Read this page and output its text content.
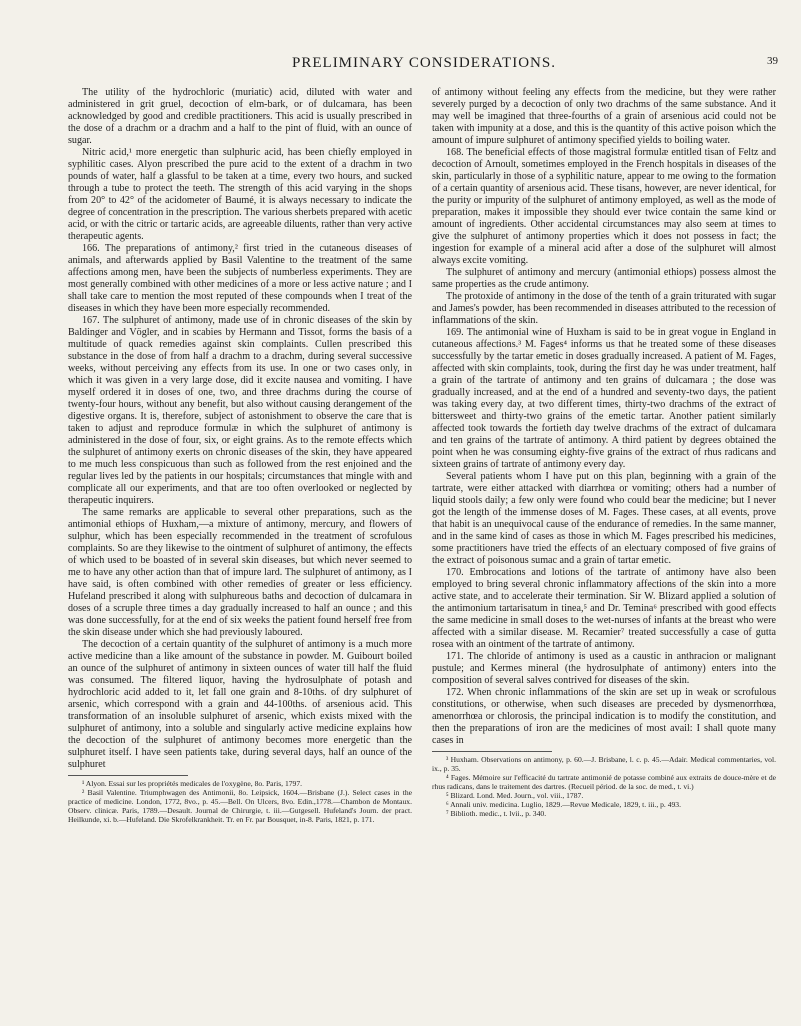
PRELIMINARY CONSIDERATIONS.	39

The utility of the hydrochloric (muriatic) acid, diluted with water and administered in grit gruel, decoction of elm-bark, or of dulcamara, has been acknowledged by good and credible practitioners. This acid is usually prescribed in the dose of a drachm or a drachm and a half to the pint of fluid, with an ounce of sugar.

Nitric acid,¹ more energetic than sulphuric acid, has been chiefly employed in syphilitic cases. Alyon prescribed the pure acid to the extent of a drachm in two pounds of water, half a glassful to be taken at a time, every two hours, and sucked through a tube to protect the teeth. The strength of this acid varying in the shops from 20° to 42° of the acidometer of Baumé, it is always necessary to indicate the degree of concentration in the prescription. The various sherbets prepared with acetic acid, or with the citric or tartaric acids, are agreeable diluents, rather than very active therapeutic agents.

166. The preparations of antimony,² first tried in the cutaneous diseases of animals, and afterwards applied by Basil Valentine to the treatment of the same affections among men, have been the subjects of numberless experiments. They are most generally combined with other medicines of a more or less active nature ; and I shall take care to mention the most reputed of these compounds when I treat of the diseases in which they have been more especially recommended.

167. The sulphuret of antimony, made use of in chronic diseases of the skin by Baldinger and Vögler, and in scabies by Hermann and Tissot, forms the basis of a multitude of quack remedies against skin complaints. Cullen prescribed this substance in the dose of from half a drachm to a drachm, during several successive weeks, without perceiving any effects from its use. In one or two cases only, in which it was given in a very large dose, did it excite nausea and vomiting. I have myself ordered it in doses of one, two, and three drachms during the course of twenty-four hours, without any benefit, but also without causing derangement of the digestive organs. It is, therefore, subject of astonishment to observe the care that is taken to adjust and reproduce formulæ in which the sulphuret of antimony is administered in the dose of four, six, or eight grains. As to the remote effects which the sulphuret of antimony exerts on chronic diseases of the skin, they have appeared to me much less conspicuous than such as followed from the rest enjoined and the regular lives led by the patients in our hospitals; circumstances that mingle with and complicate all our experiments, and that are too often overlooked or neglected by therapeutic inquirers.

The same remarks are applicable to several other preparations, such as the antimonial ethiops of Huxham,—a mixture of antimony, mercury, and flowers of sulphur, which has been especially recommended in the treatment of scrofulous complaints. So are they likewise to the ointment of sulphuret of antimony, the effects of which used to be boasted of in several skin diseases, but which never seemed to me to have any other action than that of impure lard. The sulphuret of antimony, as I have said, is often combined with other remedies of greater or less efficiency. Hufeland prescribed it along with sulphureous baths and decoction of dulcamara in doses of a scruple three times a day gradually increased to half an ounce ; and this was done successfully, for at the end of six weeks the patient found herself free from the skin disease under which she had previously laboured.

The decoction of a certain quantity of the sulphuret of antimony is a much more active medicine than a like amount of the substance in powder. M. Guibourt boiled an ounce of the sulphuret of antimony in sixteen ounces of water till half the fluid was consumed. The filtered liquor, having the hydrosulphate of potash and hydrochloric acid added to it, let fall one grain and 8-10ths. of dry sulphuret of arsenic, which correspond with a grain and 44-100ths. of arsenious acid. This transformation of an insoluble sulphuret of arsenic, which exists mixed with the sulphuret of antimony, into a soluble and singularly active medicine explains how the decoction of the sulphuret of antimony becomes more energetic than the sulphuret itself. I have seen patients take, during several days, half an ounce of the sulphuret

¹ Alyon. Essai sur les propriétés medicales de l'oxygène, 8o. Paris, 1797.

² Basil Valentine. Triumphwagen des Antimonii, 8o. Leipsick, 1604.—Brisbane (J.). Select cases in the practice of medicine. London, 1772, 8vo., p. 45.—Bell. On Ulcers, 8vo. Edin.,1778.—Chambon de Montaux. Observ. clinicæ. Paris, 1789.—Desault. Journal de Chirurgie, t. iii.—Gutgesell. Hufeland's Journ. der pract. Heilkunde, xi. b.—Hufeland. Die Skrofelkrankheit. Tr. en Fr. par Bousquet, in-8. Paris, 1821, p. 171.

of antimony without feeling any effects from the medicine, but they were rather severely purged by a decoction of only two drachms of the same substance. And it may well be imagined that three-fourths of a grain of arsenious acid could not be taken with impunity at a dose, and this is the quantity of this active poison which the amount of impure sulphuret of antimony specified yields to boiling water.

168. The beneficial effects of those magistral formulæ entitled tisan of Feltz and decoction of Arnoult, sometimes employed in the French hospitals in diseases of the skin, particularly in those of a syphilitic nature, appear to me owing to the formation of a certain quantity of arsenious acid. These tisans, however, are never identical, for the purity or impurity of the sulphuret of antimony employed, as well as the mode of preparation, makes it impossible they should ever twice contain the same kind or amount of ingredients. Other accidental circumstances may also seem at times to give the sulphuret of antimony properties which it does not possess in fact; the ingestion for example of a mineral acid after a dose of the sulphuret will almost always excite vomiting.

The sulphuret of antimony and mercury (antimonial ethiops) possess almost the same properties as the crude antimony.

The protoxide of antimony in the dose of the tenth of a grain triturated with sugar and James's powder, has been recommended in diseases attributed to the recession of inflammations of the skin.

169. The antimonial wine of Huxham is said to be in great vogue in England in cutaneous affections.³ M. Fages⁴ informs us that he treated some of these diseases successfully by the tartar emetic in doses gradually increased. A patient of M. Fages, affected with skin complaints, took, during the first day he was under treatment, half a grain of the tartrate of antimony and ten grains of dulcamara ; the dose was gradually increased, and at the end of a hundred and seventy-two days, the patient was taking every day, at two different times, thirty-two drachms of the extract of bittersweet and thirty-two grains of the emetic tartar. Another patient similarly affected took towards the fortieth day twelve drachms of the extract of dulcamara and ten grains of the tartrate of antimony. A third patient by degrees obtained the point when he was consuming eighty-five grains of the extract of rhus radicans and sixteen grains of tartrate of antimony every day.

Several patients whom I have put on this plan, beginning with a grain of the tartrate, were either attacked with diarrhœa or vomiting; others had a number of liquid stools daily; a few only were found who could bear the medicine; but I never got the length of the immense doses of M. Fages. These cases, at all events, prove that habit is an unequivocal cause of the endurance of remedies. In the same manner, and in the same kind of cases as those in which M. Fages prescribed his medicines, some practitioners have tried the effects of an electuary composed of five grains of the extract of poisonous sumac and a grain of tartar emetic.

170. Embrocations and lotions of the tartrate of antimony have also been employed to bring several chronic inflammatory affections of the skin into a more active state, and to accelerate their termination. Sir W. Blizard applied a solution of the antimonium tartarisatum in tinea,⁵ and Dr. Temina⁶ prescribed with good effects the same medicine in small doses to the wet-nurses of infants at the breast who were affected with a similar disease. M. Recamier⁷ treated successfully a case of gutta rosea with an ointment of the tartrate of antimony.

171. The chloride of antimony is used as a caustic in anthracion or malignant pustule; and Kermes mineral (the hydrosulphate of antimony) enters into the composition of several salves contrived for diseases of the skin.

172. When chronic inflammations of the skin are set up in weak or scrofulous constitutions, or otherwise, when such diseases are preceded by dysmenorrhœa, amenorrhœa or chlorosis, the principal indication is to modify the constitution, and then the preparations of iron are the medicines of most avail: I shall quote many cases in

³ Huxham. Observations on antimony, p. 60.—J. Brisbane, l. c. p. 45.—Adair. Medical commentaries, vol. ix., p. 35.

⁴ Fages. Mémoire sur l'efficacité du tartrate antimonié de potasse combiné aux extraits de douce-mère et de rhus radicans, dans le traitement des dartres. (Recueil périod. de la soc. de med., t. vi.)

⁵ Blizard. Lond. Med. Journ., vol. viii., 1787.

⁶ Annali univ. medicina. Luglio, 1829.—Revue Medicale, 1829, t. iii., p. 493.

⁷ Biblioth. medic., t. lvii., p. 340.
